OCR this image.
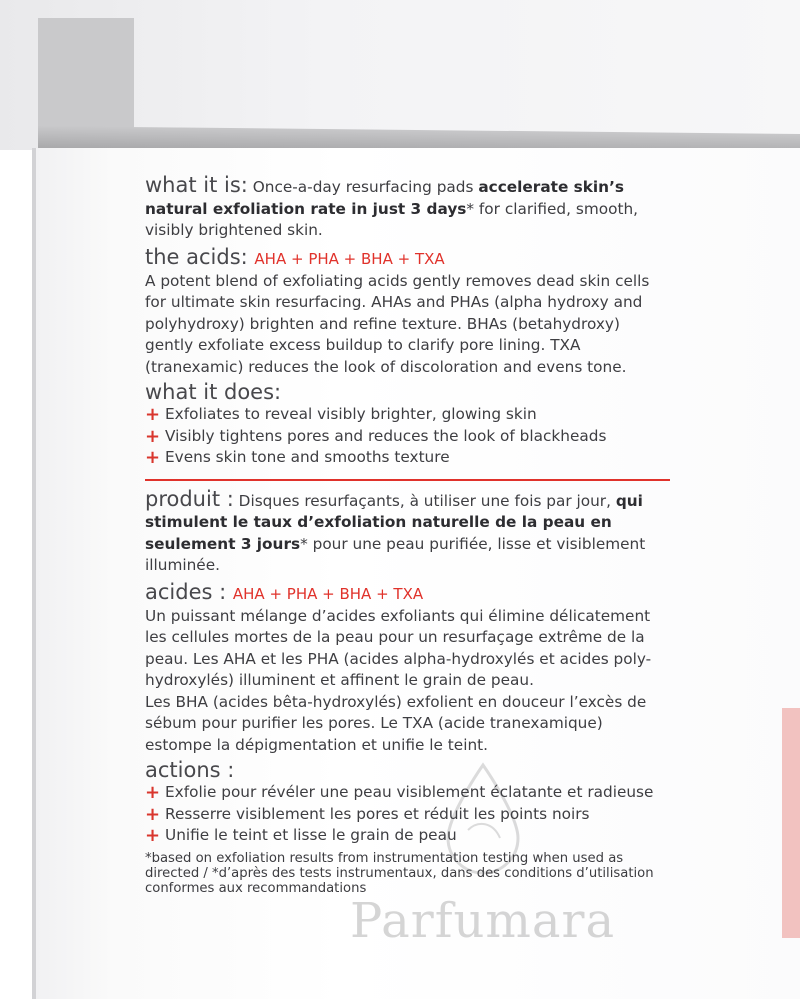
what it is: Once-a-day resurfacing pads accelerate skin’s natural exfoliation rate in just 3 days* for clarified, smooth, visibly brightened skin.

the acids: AHA + PHA + BHA + TXA

A potent blend of exfoliating acids gently removes dead skin cells for ultimate skin resurfacing. AHAs and PHAs (alpha hydroxy and polyhydroxy) brighten and refine texture. BHAs (betahydroxy) gently exfoliate excess buildup to clarify pore lining. TXA (tranexamic) reduces the look of discoloration and evens tone.

what it does:
+ Exfoliates to reveal visibly brighter, glowing skin
+ Visibly tightens pores and reduces the look of blackheads
+ Evens skin tone and smooths texture

produit : Disques resurfaçants, à utiliser une fois par jour, qui stimulent le taux d’exfoliation naturelle de la peau en seulement 3 jours* pour une peau purifiée, lisse et visiblement illuminée.

acides : AHA + PHA + BHA + TXA

Un puissant mélange d’acides exfoliants qui élimine délicatement les cellules mortes de la peau pour un resurfaçage extrême de la peau. Les AHA et les PHA (acides alpha-hydroxylés et acides poly-hydroxylés) illuminent et affinent le grain de peau.

Les BHA (acides bêta-hydroxylés) exfolient en douceur l’excès de sébum pour purifier les pores. Le TXA (acide tranexamique) estompe la dépigmentation et unifie le teint.

actions :
+ Exfolie pour révéler une peau visiblement éclatante et radieuse
+ Resserre visiblement les pores et réduit les points noirs
+ Unifie le teint et lisse le grain de peau

*based on exfoliation results from instrumentation testing when used as directed / *d’après des tests instrumentaux, dans des conditions d’utilisation conformes aux recommandations

Parfumara
